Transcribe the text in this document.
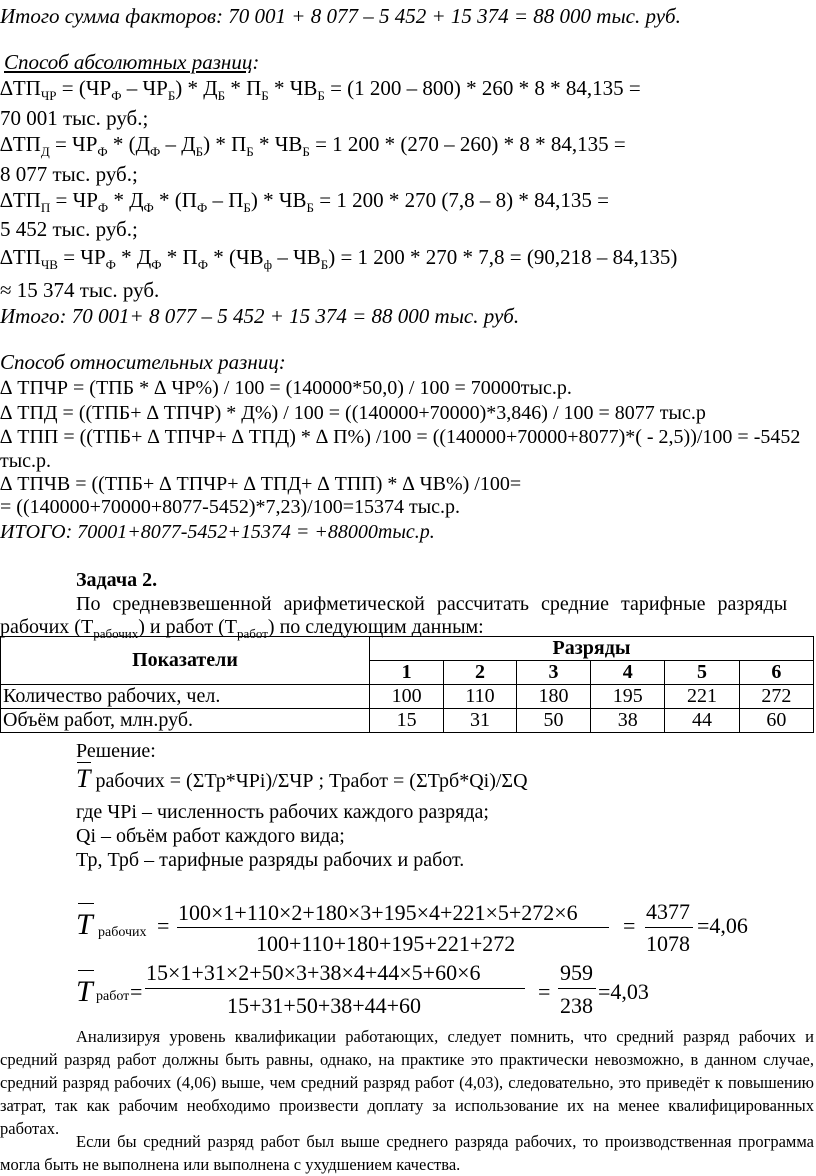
Итого сумма факторов: 70 001 + 8 077 – 5 452 + 15 374 = 88 000 тыс. руб.
Способ абсолютных разниц:
$\Delta ТП_{ЧР} = (ЧР_Ф - ЧР_Б) * Д_Б * П_Б * ЧВ_Б = (1$ 200 – 800) * 260 * 8 * 84,135 =
70 001 тыс. руб.;
$\Delta ТП_Д = ЧР_Ф * (Д_Ф - Д_Б) * П_Б * ЧВ_Б = 1$ 200 * (270 – 260) * 8 * 84,135 =
8 077 тыс. руб.;
$\Delta ТП_П = ЧР_Ф * Д_Ф * (П_Ф - П_Б) * ЧВ_Б = 1$ 200 * 270 (7,8 – 8) * 84,135 =
5 452 тыс. руб.;
$\Delta ТП_{ЧВ} = ЧР_Ф * Д_Ф * П_Ф * (ЧВ_ф - ЧВ_Б) = 1$ 200 * 270 * 7,8 = (90,218 – 84,135)
≈ 15 374 тыс. руб.
Итого: 70 001+ 8 077 – 5 452 + 15 374 = 88 000 тыс. руб.
Способ относительных разниц:
∆ ТПЧР = (ТПБ * ∆ ЧР%) / 100 = (140000*50,0) / 100 = 70000тыс.р.
∆ ТПД = ((ТПБ+ ∆ ТПЧР) * Д%) / 100 = ((140000+70000)*3,846) / 100 = 8077 тыс.р
∆ ТПП = ((ТПБ+ ∆ ТПЧР+ ∆ ТПД) * ∆ П%) /100 = ((140000+70000+8077)*( - 2,5))/100 = -5452
тыс.р.
∆ ТПЧВ = ((ТПБ+ ∆ ТПЧР+ ∆ ТПД+ ∆ ТПП) * ∆ ЧВ%) /100=
= ((140000+70000+8077-5452)*7,23)/100=15374 тыс.р.
ИТОГО: 70001+8077-5452+15374 = +88000тыс.р.
Задача 2.
По средневзвешенной арифметической рассчитать средние тарифные разряды
рабочих $(Т_{рабочих})$ и работ $(Т_{работ})$ по следующим данным:
Показатели	Разряды					
	1	2	3	4	5	6
Количество рабочих, чел.	100	110	180	195	221	272
Объём работ, млн.руб.	15	31	50	38	44	60
Решение:
T рабочих = (ΣТр*ЧРi)/ΣЧР ; Тработ = (ΣТрб*Qi)/ΣQ
где ЧРi – численность рабочих каждого разряда;
Qi – объём работ каждого вида;
Тр, Трб – тарифные разряды рабочих и работ.
T рабочих =
100×1+110×2+180×3+195×4+221×5+272×6
100+110+180+195+221+272
=
4377
1078
=4,06
T работ =
15×1+31×2+50×3+38×4+44×5+60×6
15+31+50+38+44+60
=
959
238
=4,03
Анализируя уровень квалификации работающих, следует помнить, что средний разряд рабочих и средний разряд работ должны быть равны, однако, на практике это практически невозможно, в данном случае, средний разряд рабочих (4,06) выше, чем средний разряд работ (4,03), следовательно, это приведёт к повышению затрат, так как рабочим необходимо произвести доплату за использование их на менее квалифицированных работах.
Если бы средний разряд работ был выше среднего разряда рабочих, то производственная программа могла быть не выполнена или выполнена с ухудшением качества.
